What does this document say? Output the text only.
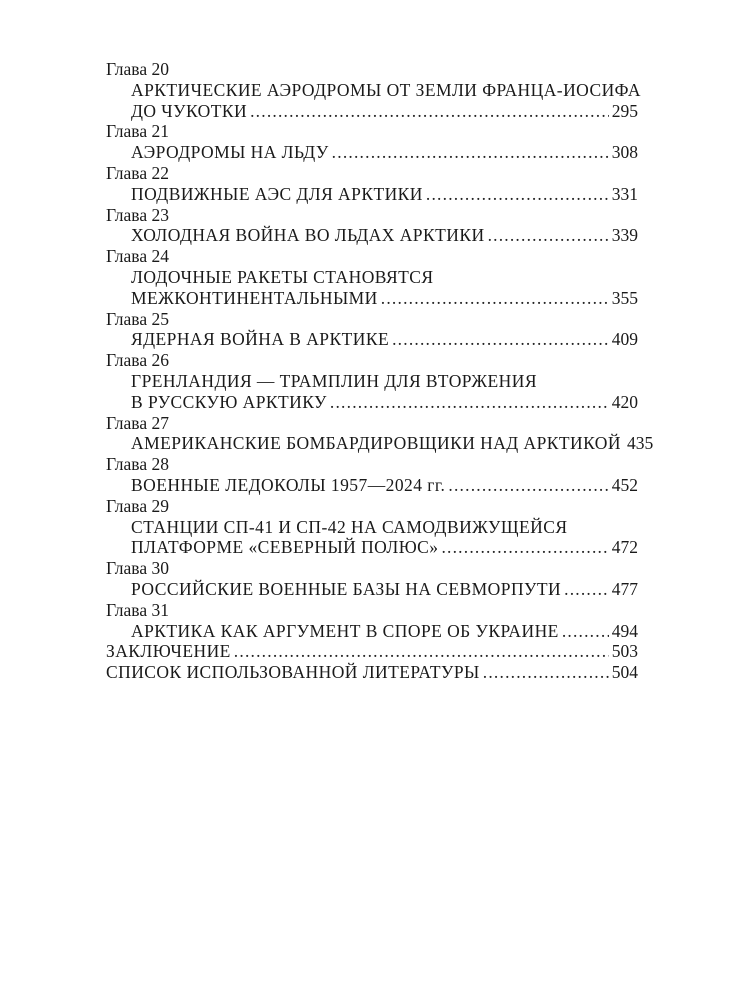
Глава 20
АРКТИЧЕСКИЕ АЭРОДРОМЫ ОТ ЗЕМЛИ ФРАНЦА-ИОСИФА
ДО ЧУКОТКИ .....	295
Глава 21
АЭРОДРОМЫ НА ЛЬДУ .....	308
Глава 22
ПОДВИЖНЫЕ АЭС ДЛЯ АРКТИКИ .....	331
Глава 23
ХОЛОДНАЯ ВОЙНА ВО ЛЬДАХ АРКТИКИ .....	339
Глава 24
ЛОДОЧНЫЕ РАКЕТЫ СТАНОВЯТСЯ
МЕЖКОНТИНЕНТАЛЬНЫМИ .....	355
Глава 25
ЯДЕРНАЯ ВОЙНА В АРКТИКЕ .....	409
Глава 26
ГРЕНЛАНДИЯ — ТРАМПЛИН ДЛЯ ВТОРЖЕНИЯ
В РУССКУЮ АРКТИКУ .....	420
Глава 27
АМЕРИКАНСКИЕ БОМБАРДИРОВЩИКИ НАД АРКТИКОЙ 435
Глава 28
ВОЕННЫЕ ЛЕДОКОЛЫ 1957—2024 гг. .....	452
Глава 29
СТАНЦИИ СП-41 И СП-42 НА САМОДВИЖУЩЕЙСЯ
ПЛАТФОРМЕ «СЕВЕРНЫЙ ПОЛЮС» .....	472
Глава 30
РОССИЙСКИЕ ВОЕННЫЕ БАЗЫ НА СЕВМОРПУТИ .....	477
Глава 31
АРКТИКА КАК АРГУМЕНТ В СПОРЕ ОБ УКРАИНЕ .....	494
ЗАКЛЮЧЕНИЕ .....	503
СПИСОК ИСПОЛЬЗОВАННОЙ ЛИТЕРАТУРЫ .....	504
